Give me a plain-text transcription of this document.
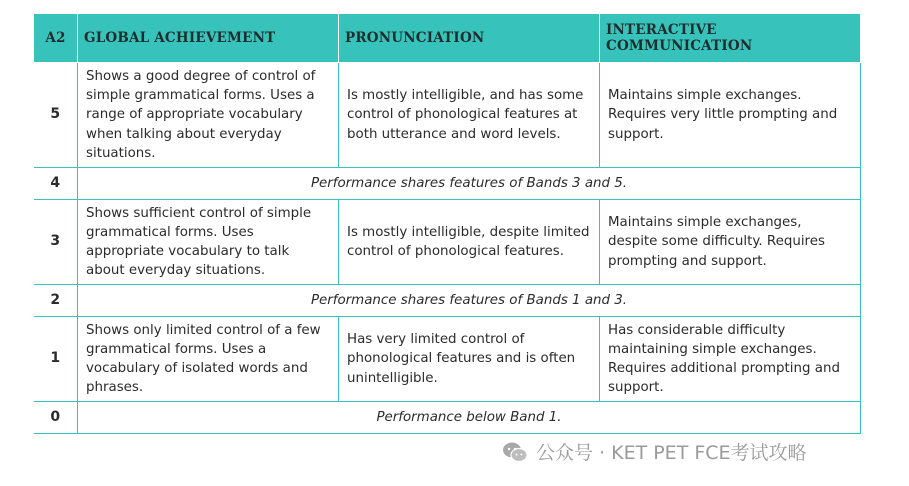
A2	GLOBAL ACHIEVEMENT	PRONUNCIATION	INTERACTIVE COMMUNICATION
5	Shows a good degree of control of simple grammatical forms. Uses a range of appropriate vocabulary when talking about everyday situations.	Is mostly intelligible, and has some control of phonological features at both utterance and word levels.	Maintains simple exchanges. Requires very little prompting and support.
4	Performance shares features of Bands 3 and 5.		
3	Shows sufficient control of simple grammatical forms. Uses appropriate vocabulary to talk about everyday situations.	Is mostly intelligible, despite limited control of phonological features.	Maintains simple exchanges, despite some difficulty. Requires prompting and support.
2	Performance shares features of Bands 1 and 3.		
1	Shows only limited control of a few grammatical forms. Uses a vocabulary of isolated words and phrases.	Has very limited control of phonological features and is often unintelligible.	Has considerable difficulty maintaining simple exchanges. Requires additional prompting and support.
0	Performance below Band 1.		
公众号 · KET PET FCE考试攻略
